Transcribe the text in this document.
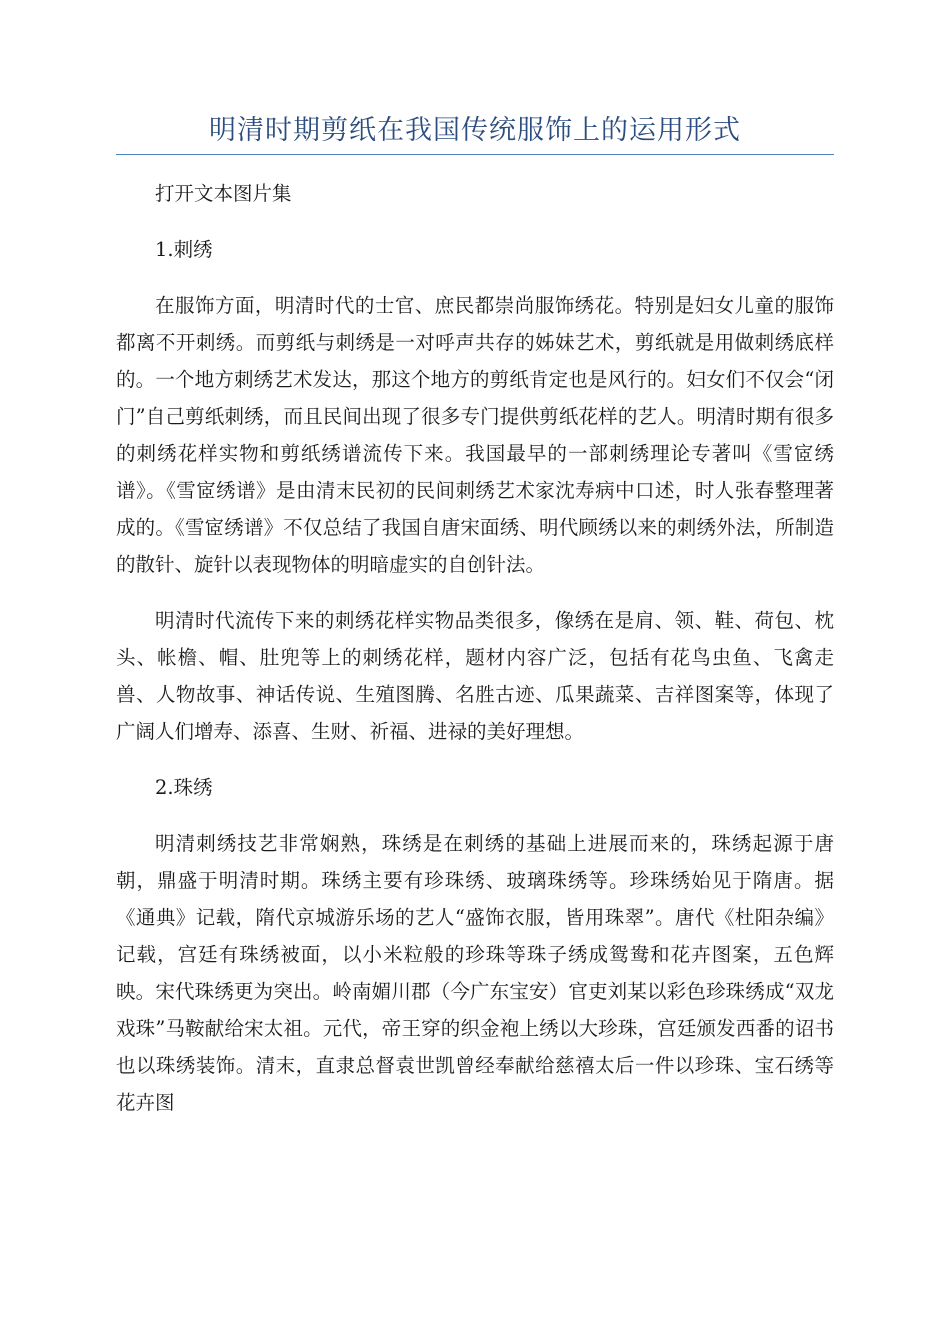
明清时期剪纸在我国传统服饰上的运用形式

打开文本图片集

1.刺绣

在服饰方面，明清时代的士官、庶民都崇尚服饰绣花。特别是妇女儿童的服饰都离不开刺绣。而剪纸与刺绣是一对呼声共存的姊妹艺术，剪纸就是用做刺绣底样的。一个地方刺绣艺术发达，那这个地方的剪纸肯定也是风行的。妇女们不仅会“闭门”自己剪纸刺绣，而且民间出现了很多专门提供剪纸花样的艺人。明清时期有很多的刺绣花样实物和剪纸绣谱流传下来。我国最早的一部刺绣理论专著叫《雪宧绣谱》。《雪宧绣谱》是由清末民初的民间刺绣艺术家沈寿病中口述，时人张春整理著成的。《雪宧绣谱》不仅总结了我国自唐宋面绣、明代顾绣以来的刺绣外法，所制造的散针、旋针以表现物体的明暗虚实的自创针法。

明清时代流传下来的刺绣花样实物品类很多，像绣在是肩、领、鞋、荷包、枕头、帐檐、帽、肚兜等上的刺绣花样，题材内容广泛，包括有花鸟虫鱼、飞禽走兽、人物故事、神话传说、生殖图腾、名胜古迹、瓜果蔬菜、吉祥图案等，体现了广阔人们增寿、添喜、生财、祈福、进禄的美好理想。

2.珠绣

明清刺绣技艺非常娴熟，珠绣是在刺绣的基础上进展而来的，珠绣起源于唐朝，鼎盛于明清时期。珠绣主要有珍珠绣、玻璃珠绣等。珍珠绣始见于隋唐。据《通典》记载，隋代京城游乐场的艺人“盛饰衣服，皆用珠翠”。唐代《杜阳杂编》记载，宫廷有珠绣被面，以小米粒般的珍珠等珠子绣成鸳鸯和花卉图案，五色辉映。宋代珠绣更为突出。岭南媚川郡（今广东宝安）官吏刘某以彩色珍珠绣成“双龙戏珠”马鞍献给宋太祖。元代，帝王穿的织金袍上绣以大珍珠，宫廷颁发西番的诏书也以珠绣装饰。清末，直隶总督袁世凯曾经奉献给慈禧太后一件以珍珠、宝石绣等花卉图
